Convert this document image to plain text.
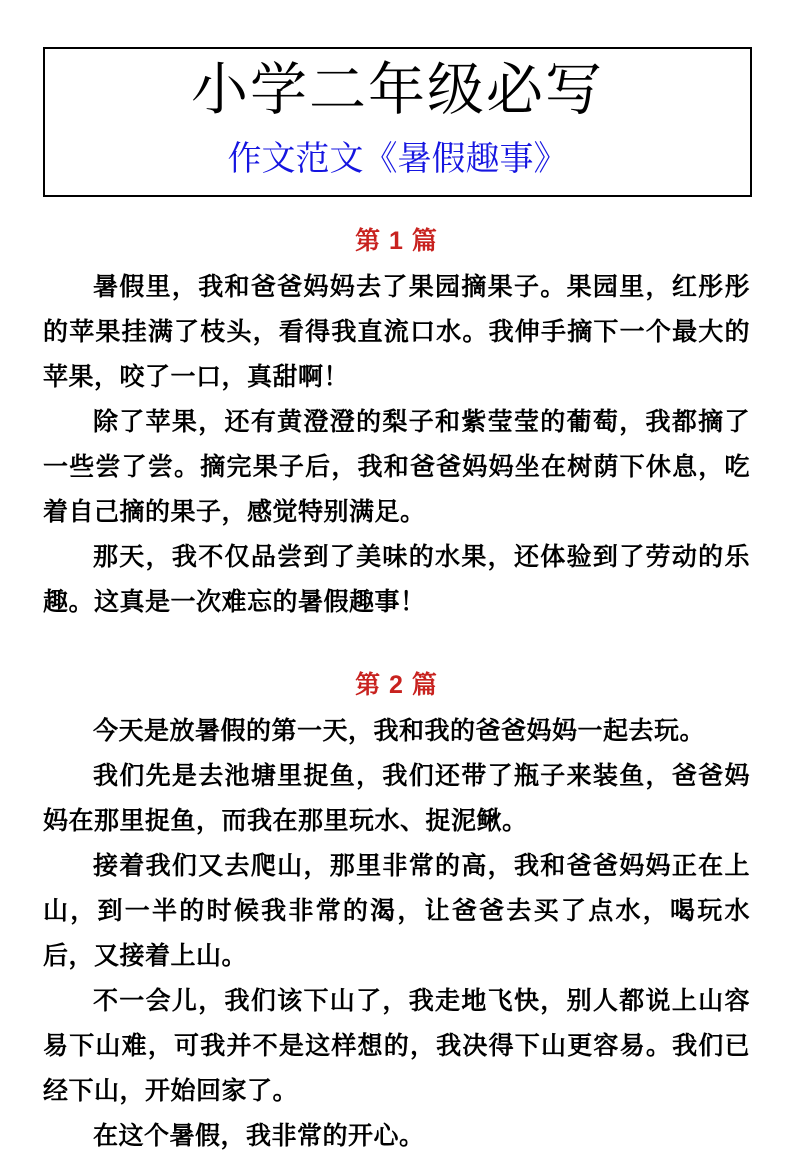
小学二年级必写
作文范文《暑假趣事》
第 1 篇

暑假里，我和爸爸妈妈去了果园摘果子。果园里，红彤彤的苹果挂满了枝头，看得我直流口水。我伸手摘下一个最大的苹果，咬了一口，真甜啊！

除了苹果，还有黄澄澄的梨子和紫莹莹的葡萄，我都摘了一些尝了尝。摘完果子后，我和爸爸妈妈坐在树荫下休息，吃着自己摘的果子，感觉特别满足。

那天，我不仅品尝到了美味的水果，还体验到了劳动的乐趣。这真是一次难忘的暑假趣事！

第 2 篇

今天是放暑假的第一天，我和我的爸爸妈妈一起去玩。

我们先是去池塘里捉鱼，我们还带了瓶子来装鱼，爸爸妈妈在那里捉鱼，而我在那里玩水、捉泥鳅。

接着我们又去爬山，那里非常的高，我和爸爸妈妈正在上山，到一半的时候我非常的渴，让爸爸去买了点水，喝玩水后，又接着上山。

不一会儿，我们该下山了，我走地飞快，别人都说上山容易下山难，可我并不是这样想的，我决得下山更容易。我们已经下山，开始回家了。

在这个暑假，我非常的开心。
